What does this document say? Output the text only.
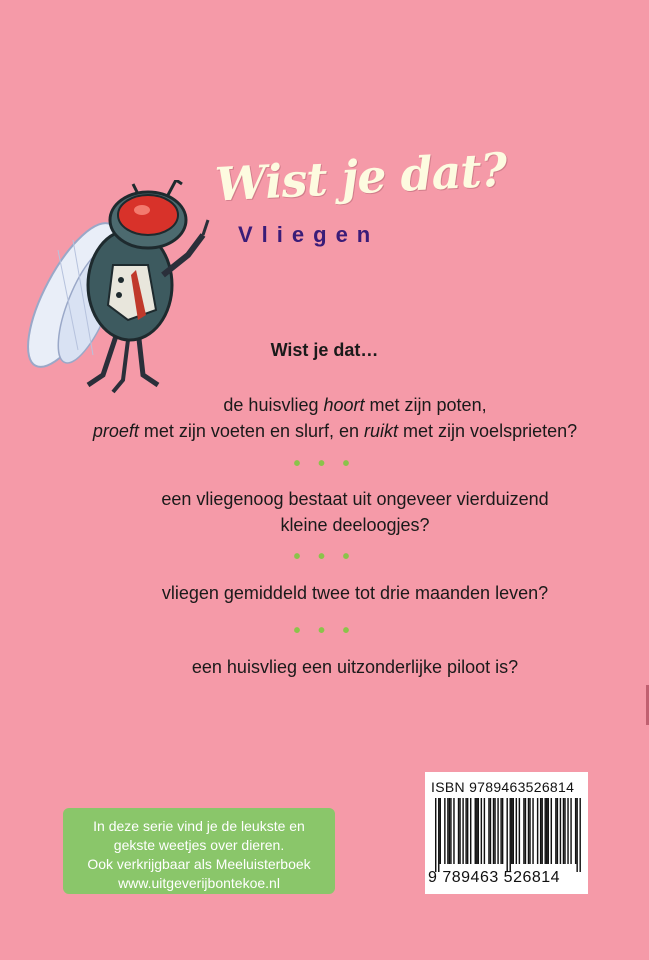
Wist je dat?
Vliegen
Wist je dat…
de huisvlieg hoort met zijn poten,
proeft met zijn voeten en slurf, en ruikt met zijn voelsprieten?
• • •
een vliegenoog bestaat uit ongeveer vierduizend
kleine deeloogjes?
• • •
vliegen gemiddeld twee tot drie maanden leven?
• • •
een huisvlieg een uitzonderlijke piloot is?
In deze serie vind je de leukste en
gekste weetjes over dieren.
Ook verkrijgbaar als Meeluisterboek
www.uitgeverijbontekoe.nl
ISBN 9789463526814
9 789463 526814
